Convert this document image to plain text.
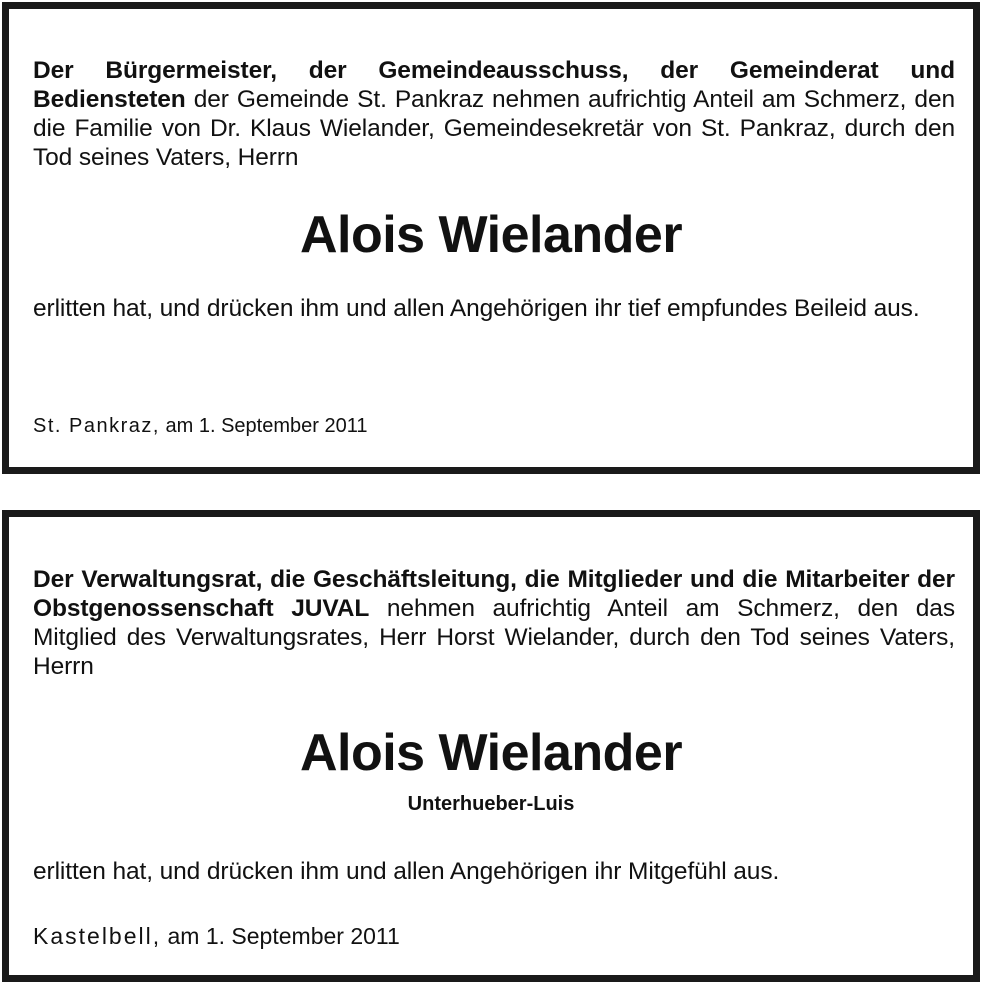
Der Bürgermeister, der Gemeindeausschuss, der Gemeinderat und Bediensteten der Gemeinde St. Pankraz nehmen aufrichtig Anteil am Schmerz, den die Familie von Dr. Klaus Wielander, Gemeindesekretär von St. Pankraz, durch den Tod seines Vaters, Herrn

Alois Wielander

erlitten hat, und drücken ihm und allen Angehörigen ihr tief empfundes Beileid aus.

St. Pankraz, am 1. September 2011

Der Verwaltungsrat, die Geschäftsleitung, die Mitglieder und die Mitarbeiter der Obstgenossenschaft JUVAL nehmen aufrichtig Anteil am Schmerz, den das Mitglied des Verwaltungsrates, Herr Horst Wielander, durch den Tod seines Vaters, Herrn

Alois Wielander

Unterhueber-Luis

erlitten hat, und drücken ihm und allen Angehörigen ihr Mitgefühl aus.

Kastelbell, am 1. September 2011
